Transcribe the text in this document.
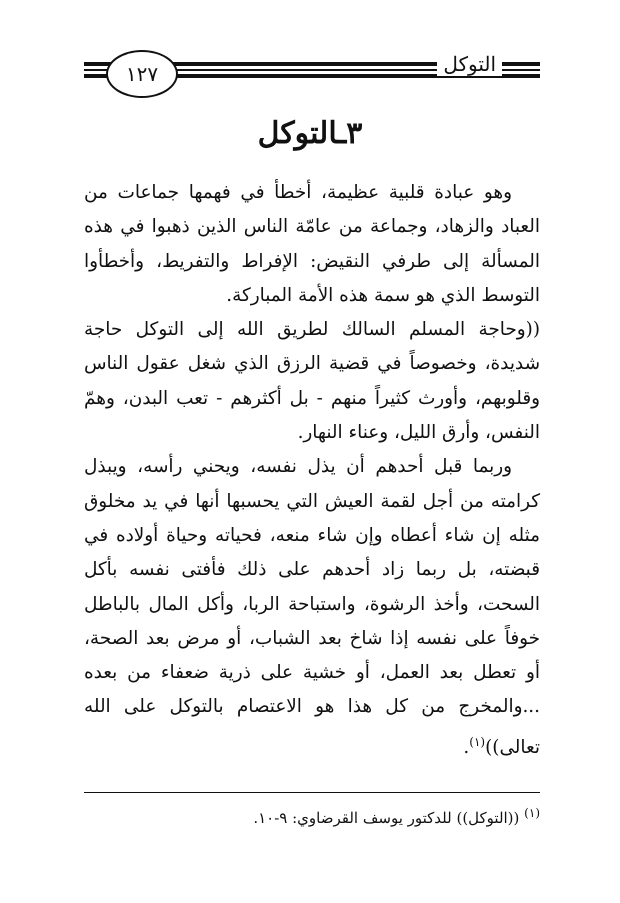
١٢٧	التوكل
٣ـالتوكل

وهو عبادة قلبية عظيمة، أخطأ في فهمها جماعات من العباد والزهاد، وجماعة من عامّة الناس الذين ذهبوا في هذه المسألة إلى طرفي النقيض: الإفراط والتفريط، وأخطأوا التوسط الذي هو سمة هذه الأمة المباركة.

((وحاجة المسلم السالك لطريق الله إلى التوكل حاجة شديدة، وخصوصاً في قضية الرزق الذي شغل عقول الناس وقلوبهم، وأورث كثيراً منهم - بل أكثرهم - تعب البدن، وهمّ النفس، وأرق الليل، وعناء النهار.

وربما قبل أحدهم أن يذل نفسه، ويحني رأسه، ويبذل كرامته من أجل لقمة العيش التي يحسبها أنها في يد مخلوق مثله إن شاء أعطاه وإن شاء منعه، فحياته وحياة أولاده في قبضته، بل ربما زاد أحدهم على ذلك فأفتى نفسه بأكل السحت، وأخذ الرشوة، واستباحة الربا، وأكل المال بالباطل خوفاً على نفسه إذا شاخ بعد الشباب، أو مرض بعد الصحة، أو تعطل بعد العمل، أو خشية على ذرية ضعفاء من بعده ...والمخرج من كل هذا هو الاعتصام بالتوكل على الله تعالى))$^{(١)}$.

$^{(١)}$ ((التوكل)) للدكتور يوسف القرضاوي: ٩-١٠.
